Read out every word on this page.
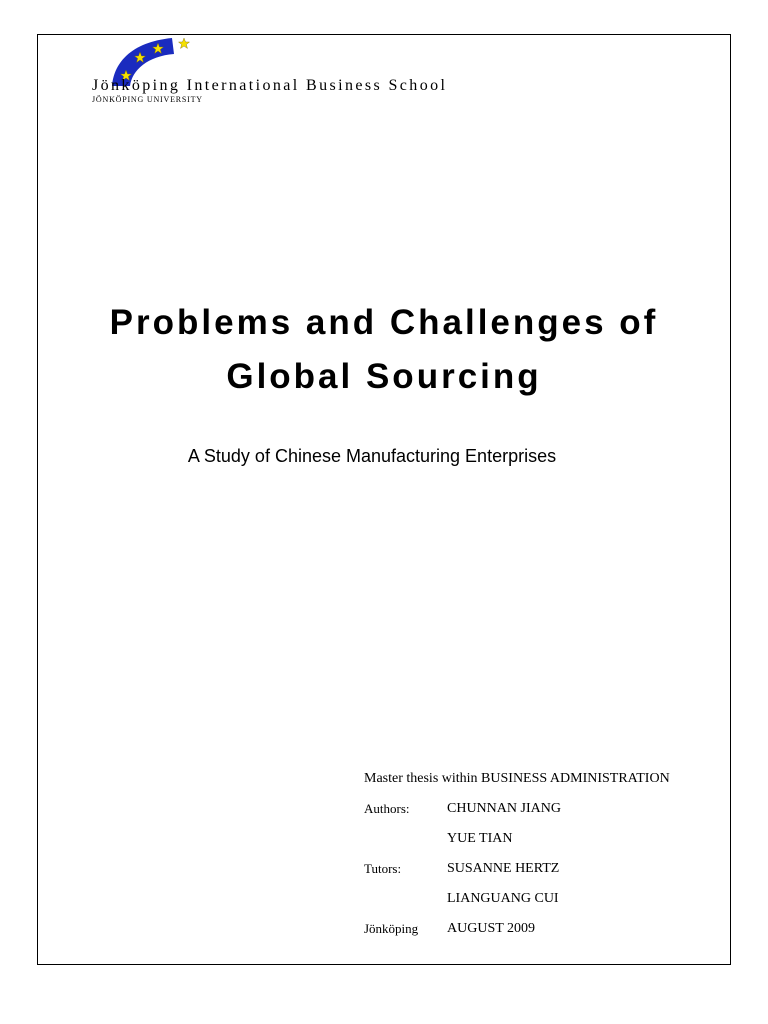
Jönköping International Business School
JÖNKÖPING UNIVERSITY
Problems and Challenges of
Global Sourcing
A Study of Chinese Manufacturing Enterprises
Master thesis within BUSINESS ADMINISTRATION
Authors:	CHUNNAN JIANG
YUE TIAN
Tutors:	SUSANNE HERTZ
LIANGUANG CUI
Jönköping	AUGUST 2009
